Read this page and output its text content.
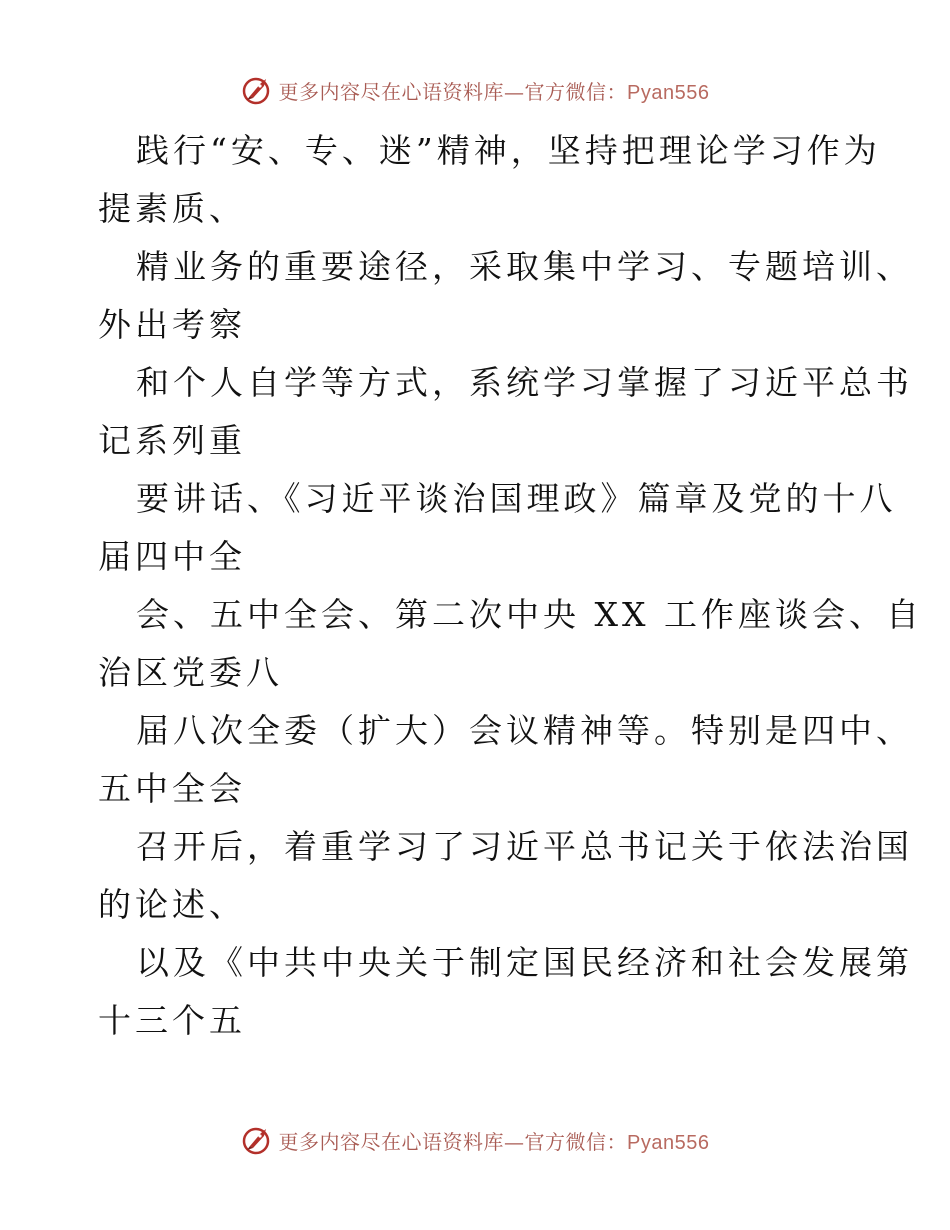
更多内容尽在心语资料库—官方微信：Pyan556
践行“安、专、迷”精神，坚持把理论学习作为
提素质、
精业务的重要途径，采取集中学习、专题培训、
外出考察
和个人自学等方式，系统学习掌握了习近平总书
记系列重
要讲话、《习近平谈治国理政》篇章及党的十八
届四中全
会、五中全会、第二次中央 XX 工作座谈会、自
治区党委八
届八次全委（扩大）会议精神等。特别是四中、
五中全会
召开后，着重学习了习近平总书记关于依法治国
的论述、
以及《中共中央关于制定国民经济和社会发展第
十三个五
更多内容尽在心语资料库—官方微信：Pyan556
